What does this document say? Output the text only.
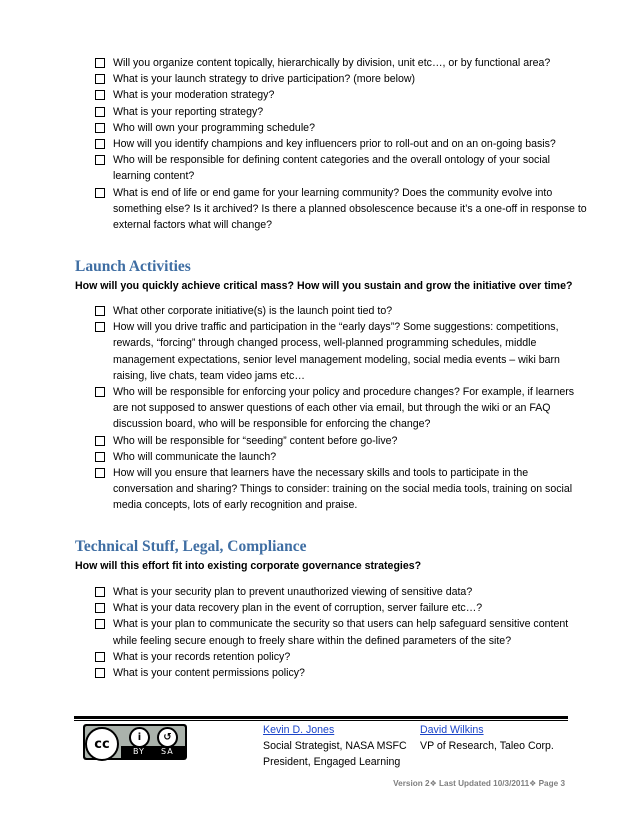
Will you organize content topically, hierarchically by division, unit etc…, or by functional area?
What is your launch strategy to drive participation? (more below)
What is your moderation strategy?
What is your reporting strategy?
Who will own your programming schedule?
How will you identify champions and key influencers prior to roll-out and on an on-going basis?
Who will be responsible for defining content categories and the overall ontology of your social learning content?
What is end of life or end game for your learning community? Does the community evolve into something else? Is it archived? Is there a planned obsolescence because it’s a one-off in response to external factors what will change?
Launch Activities
How will you quickly achieve critical mass? How will you sustain and grow the initiative over time?
What other corporate initiative(s) is the launch point tied to?
How will you drive traffic and participation in the “early days”? Some suggestions: competitions, rewards, “forcing” through changed process, well-planned programming schedules, middle management expectations, senior level management modeling, social media events – wiki barn raising, live chats, team video jams etc…
Who will be responsible for enforcing your policy and procedure changes? For example, if learners are not supposed to answer questions of each other via email, but through the wiki or an FAQ discussion board, who will be responsible for enforcing the change?
Who will be responsible for “seeding” content before go-live?
Who will communicate the launch?
How will you ensure that learners have the necessary skills and tools to participate in the conversation and sharing? Things to consider: training on the social media tools, training on social media concepts, lots of early recognition and praise.
Technical Stuff, Legal, Compliance
How will this effort fit into existing corporate governance strategies?
What is your security plan to prevent unauthorized viewing of sensitive data?
What is your data recovery plan in the event of corruption, server failure etc…?
What is your plan to communicate the security so that users can help safeguard sensitive content while feeling secure enough to freely share within the defined parameters of the site?
What is your records retention policy?
What is your content permissions policy?
cc	i	↺
BY SA
Kevin D. Jones
Social Strategist, NASA MSFC
President, Engaged Learning
David Wilkins
VP of Research, Taleo Corp.
Version 2❖ Last Updated 10/3/2011❖ Page 3
